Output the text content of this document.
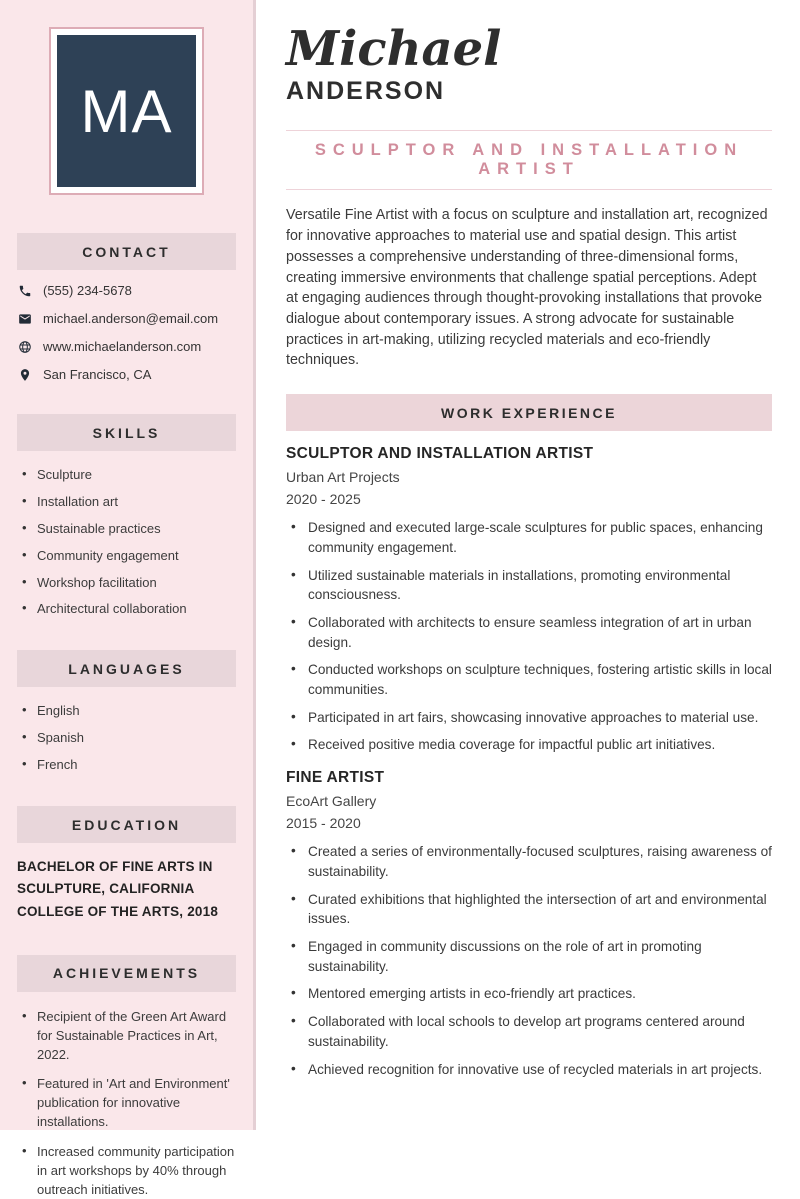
MA
CONTACT
(555) 234-5678
michael.anderson@email.com
www.michaelanderson.com
San Francisco, CA
SKILLS
• Sculpture
• Installation art
• Sustainable practices
• Community engagement
• Workshop facilitation
• Architectural collaboration
LANGUAGES
• English
• Spanish
• French
EDUCATION

BACHELOR OF FINE ARTS IN SCULPTURE, CALIFORNIA COLLEGE OF THE ARTS, 2018

ACHIEVEMENTS
• Recipient of the Green Art Award for Sustainable Practices in Art, 2022.
• Featured in 'Art and Environment' publication for innovative installations.
• Increased community participation in art workshops by 40% through outreach initiatives.
Michael
ANDERSON
SCULPTOR AND INSTALLATION ARTIST

Versatile Fine Artist with a focus on sculpture and installation art, recognized for innovative approaches to material use and spatial design. This artist possesses a comprehensive understanding of three-dimensional forms, creating immersive environments that challenge spatial perceptions. Adept at engaging audiences through thought-provoking installations that provoke dialogue about contemporary issues. A strong advocate for sustainable practices in art-making, utilizing recycled materials and eco-friendly techniques.

WORK EXPERIENCE
SCULPTOR AND INSTALLATION ARTIST
Urban Art Projects
2020 - 2025
• Designed and executed large-scale sculptures for public spaces, enhancing community engagement.
• Utilized sustainable materials in installations, promoting environmental consciousness.
• Collaborated with architects to ensure seamless integration of art in urban design.
• Conducted workshops on sculpture techniques, fostering artistic skills in local communities.
• Participated in art fairs, showcasing innovative approaches to material use.
• Received positive media coverage for impactful public art initiatives.
FINE ARTIST
EcoArt Gallery
2015 - 2020
• Created a series of environmentally-focused sculptures, raising awareness of sustainability.
• Curated exhibitions that highlighted the intersection of art and environmental issues.
• Engaged in community discussions on the role of art in promoting sustainability.
• Mentored emerging artists in eco-friendly art practices.
• Collaborated with local schools to develop art programs centered around sustainability.
• Achieved recognition for innovative use of recycled materials in art projects.
